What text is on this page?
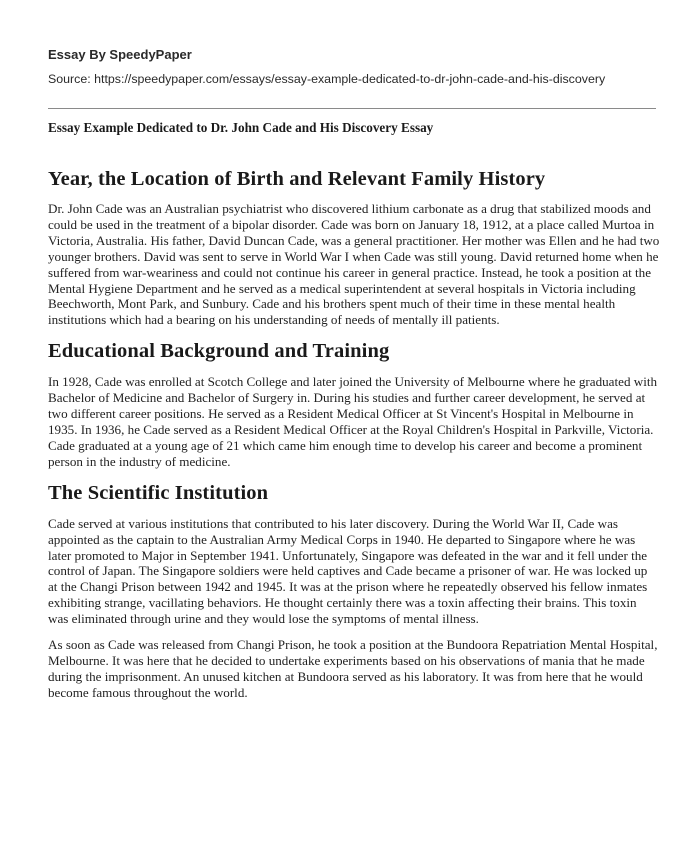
Essay By SpeedyPaper
Source: https://speedypaper.com/essays/essay-example-dedicated-to-dr-john-cade-and-his-discovery
Essay Example Dedicated to Dr. John Cade and His Discovery Essay
Year, the Location of Birth and Relevant Family History

Dr. John Cade was an Australian psychiatrist who discovered lithium carbonate as a drug that stabilized moods and could be used in the treatment of a bipolar disorder. Cade was born on January 18, 1912, at a place called Murtoa in Victoria, Australia. His father, David Duncan Cade, was a general practitioner. Her mother was Ellen and he had two younger brothers. David was sent to serve in World War I when Cade was still young. David returned home when he suffered from war-weariness and could not continue his career in general practice. Instead, he took a position at the Mental Hygiene Department and he served as a medical superintendent at several hospitals in Victoria including Beechworth, Mont Park, and Sunbury. Cade and his brothers spent much of their time in these mental health institutions which had a bearing on his understanding of needs of mentally ill patients.

Educational Background and Training

In 1928, Cade was enrolled at Scotch College and later joined the University of Melbourne where he graduated with Bachelor of Medicine and Bachelor of Surgery in. During his studies and further career development, he served at two different career positions. He served as a Resident Medical Officer at St Vincent's Hospital in Melbourne in 1935. In 1936, he Cade served as a Resident Medical Officer at the Royal Children's Hospital in Parkville, Victoria. Cade graduated at a young age of 21 which came him enough time to develop his career and become a prominent person in the industry of medicine.

The Scientific Institution

Cade served at various institutions that contributed to his later discovery. During the World War II, Cade was appointed as the captain to the Australian Army Medical Corps in 1940. He departed to Singapore where he was later promoted to Major in September 1941. Unfortunately, Singapore was defeated in the war and it fell under the control of Japan. The Singapore soldiers were held captives and Cade became a prisoner of war. He was locked up at the Changi Prison between 1942 and 1945. It was at the prison where he repeatedly observed his fellow inmates exhibiting strange, vacillating behaviors. He thought certainly there was a toxin affecting their brains. This toxin was eliminated through urine and they would lose the symptoms of mental illness.

As soon as Cade was released from Changi Prison, he took a position at the Bundoora Repatriation Mental Hospital, Melbourne. It was here that he decided to undertake experiments based on his observations of mania that he made during the imprisonment. An unused kitchen at Bundoora served as his laboratory. It was from here that he would become famous throughout the world.
